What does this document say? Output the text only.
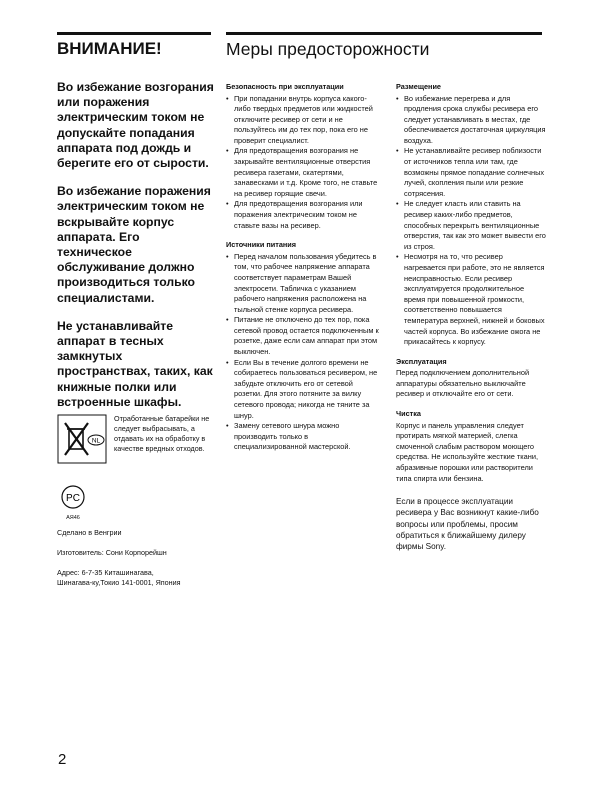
ВНИМАНИЕ!

Во избежание возгорания или поражения электрическим током не допускайте попадания аппарата под дождь и берегите его от сырости.

Во избежание поражения электрическим током не вскрывайте корпус аппарата. Его техническое обслуживание должно производиться только специалистами.

Не устанавливайте аппарат в тесных замкнутых пространствах, таких, как книжные полки или встроенные шкафы.

NL
Отработанные батарейки не следует выбрасывать, а отдавать их на обработку в качестве вредных отходов.
PC
АЯ46
Сделано в Венгрии
Изготовитель: Сони Корпорейшн
Адрес: 6-7-35 Киташинагава,
Шинагава-ку,Токио 141-0001, Япония
2
Меры предосторожности
Безопасность при эксплуатации
• При попадании внутрь корпуса какого-либо твердых предметов или жидкостей отключите ресивер от сети и не пользуйтесь им до тех пор, пока его не проверит специалист.
• Для предотвращения возгорания не закрывайте вентиляционные отверстия ресивера газетами, скатертями, занавесками и т.д. Кроме того, не ставьте на ресивер горящие свечи.
• Для предотвращения возгорания или поражения электрическим током не ставьте вазы на ресивер.
Источники питания
• Перед началом пользования убедитесь в том, что рабочее напряжение аппарата соответствует параметрам Вашей электросети. Табличка с указанием рабочего напряжения расположена на тыльной стенке корпуса ресивера.
• Питание не отключено до тех пор, пока сетевой провод остается подключенным к розетке, даже если сам аппарат при этом выключен.
• Если Вы в течение долгого времени не собираетесь пользоваться ресивером, не забудьте отключить его от сетевой розетки. Для этого потяните за вилку сетевого провода; никогда не тяните за шнур.
• Замену сетевого шнура можно производить только в специализированной мастерской.
Размещение
• Во избежание перегрева и для продления срока службы ресивера его следует устанавливать в местах, где обеспечивается достаточная циркуляция воздуха.
• Не устанавливайте ресивер поблизости от источников тепла или там, где возможны прямое попадание солнечных лучей, скопления пыли или резкие сотрясения.
• Не следует класть или ставить на ресивер каких-либо предметов, способных перекрыть вентиляционные отверстия, так как это может вывести его из строя.
• Несмотря на то, что ресивер нагревается при работе, это не является неисправностью. Если ресивер эксплуатируется продолжительное время при повышенной громкости, соответственно повышается температура верхней, нижней и боковых частей корпуса. Во избежание ожога не прикасайтесь к корпусу.
Эксплуатация
Перед подключением дополнительной аппаратуры обязательно выключайте ресивер и отключайте его от сети.
Чистка
Корпус и панель управления следует протирать мягкой материей, слегка смоченной слабым раствором моющего средства. Не используйте жесткие ткани, абразивные порошки или растворители типа спирта или бензина.
Если в процессе эксплуатации ресивера у Вас возникнут какие-либо вопросы или проблемы, просим обратиться к ближайшему дилеру фирмы Sony.
